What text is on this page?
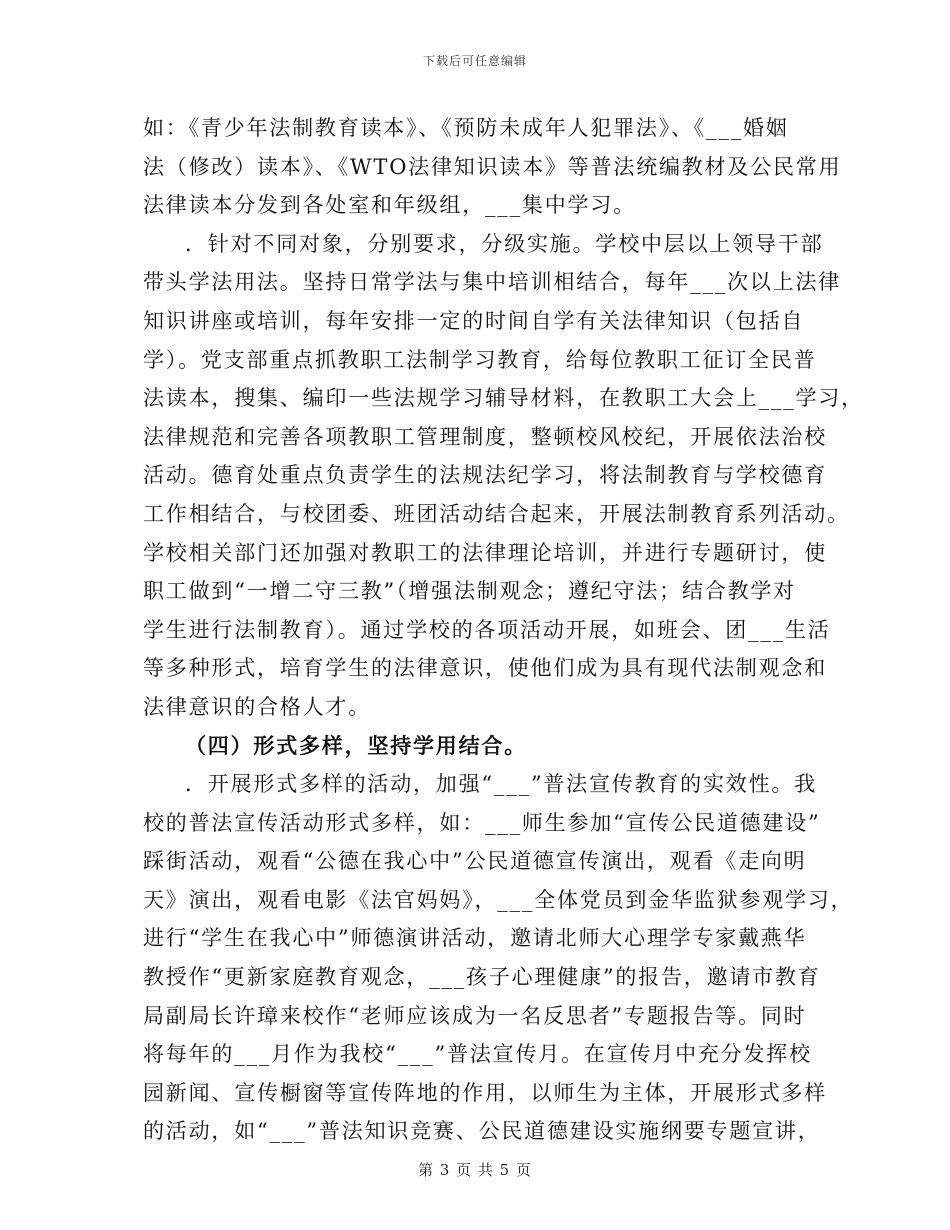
下载后可任意编辑
如：《青少年法制教育读本》、《预防未成年人犯罪法》、《___婚姻
法（修改）读本》、《WTO法律知识读本》等普法统编教材及公民常用
法律读本分发到各处室和年级组，___集中学习。
．针对不同对象，分别要求，分级实施。学校中层以上领导干部
带头学法用法。坚持日常学法与集中培训相结合，每年___次以上法律
知识讲座或培训，每年安排一定的时间自学有关法律知识（包括自
学）。党支部重点抓教职工法制学习教育，给每位教职工征订全民普
法读本，搜集、编印一些法规学习辅导材料，在教职工大会上___学习，
法律规范和完善各项教职工管理制度，整顿校风校纪，开展依法治校
活动。德育处重点负责学生的法规法纪学习，将法制教育与学校德育
工作相结合，与校团委、班团活动结合起来，开展法制教育系列活动。
学校相关部门还加强对教职工的法律理论培训，并进行专题研讨，使
职工做到“一增二守三教”（增强法制观念；遵纪守法；结合教学对
学生进行法制教育）。通过学校的各项活动开展，如班会、团___生活
等多种形式，培育学生的法律意识，使他们成为具有现代法制观念和
法律意识的合格人才。
（四）形式多样，坚持学用结合。
．开展形式多样的活动，加强“___”普法宣传教育的实效性。我
校的普法宣传活动形式多样，如：___师生参加“宣传公民道德建设”
踩街活动，观看“公德在我心中”公民道德宣传演出，观看《走向明
天》演出，观看电影《法官妈妈》，___全体党员到金华监狱参观学习，
进行“学生在我心中”师德演讲活动，邀请北师大心理学专家戴燕华
教授作“更新家庭教育观念，___孩子心理健康”的报告，邀请市教育
局副局长许璋来校作“老师应该成为一名反思者”专题报告等。同时
将每年的___月作为我校“___”普法宣传月。在宣传月中充分发挥校
园新闻、宣传橱窗等宣传阵地的作用，以师生为主体，开展形式多样
的活动，如“___”普法知识竞赛、公民道德建设实施纲要专题宣讲，
第 3 页 共 5 页
